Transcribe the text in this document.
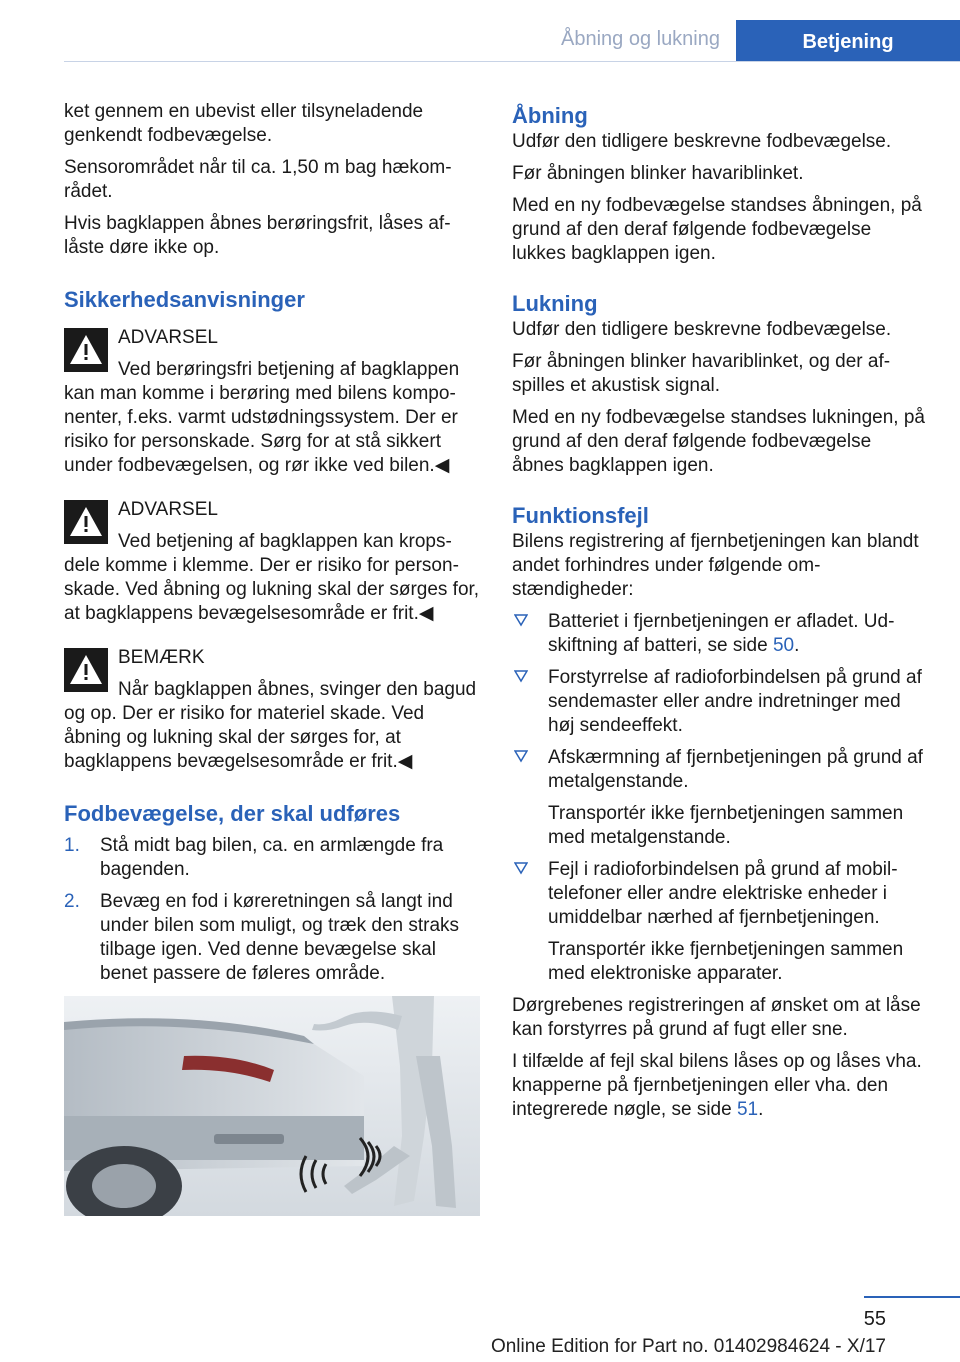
Åbning og lukning	Betjening

ket gennem en ubevist eller tilsyneladende genkendt fodbevægelse.

Sensorområdet når til ca. 1,50 m bag hækområdet.

Hvis bagklappen åbnes berøringsfrit, låses aflåste døre ikke op.

Sikkerhedsanvisninger
ADVARSEL

Ved berøringsfri betjening af bagklappen kan man komme i berøring med bilens komponenter, f.eks. varmt udstødningssystem. Der er risiko for personskade. Sørg for at stå sikkert under fodbevægelsen, og rør ikke ved bilen.◀

ADVARSEL

Ved betjening af bagklappen kan kropsdele komme i klemme. Der er risiko for personskade. Ved åbning og lukning skal der sørges for, at bagklappens bevægelsesområde er frit.◀

BEMÆRK

Når bagklappen åbnes, svinger den bagud og op. Der er risiko for materiel skade. Ved åbning og lukning skal der sørges for, at bagklappens bevægelsesområde er frit.◀

Fodbevægelse, der skal udføres
1. Stå midt bag bilen, ca. en armlængde fra bagenden.
2. Bevæg en fod i køreretningen så langt ind under bilen som muligt, og træk den straks tilbage igen. Ved denne bevægelse skal benet passere de føleres område.
Åbning

Udfør den tidligere beskrevne fodbevægelse.

Før åbningen blinker havariblinket.

Med en ny fodbevægelse standses åbningen, på grund af den deraf følgende fodbevægelse lukkes bagklappen igen.

Lukning

Udfør den tidligere beskrevne fodbevægelse.

Før åbningen blinker havariblinket, og der afspilles et akustisk signal.

Med en ny fodbevægelse standses lukningen, på grund af den deraf følgende fodbevægelse åbnes bagklappen igen.

Funktionsfejl

Bilens registrering af fjernbetjeningen kan blandt andet forhindres under følgende omstændigheder:

Batteriet i fjernbetjeningen er afladet. Udskiftning af batteri, se side 50.
Forstyrrelse af radioforbindelsen på grund af sendemaster eller andre indretninger med høj sendeeffekt.
Afskærmning af fjernbetjeningen på grund af metalgenstande.

Transportér ikke fjernbetjeningen sammen med metalgenstande.

Fejl i radioforbindelsen på grund af mobiltelefoner eller andre elektriske enheder i umiddelbar nærhed af fjernbetjeningen.

Transportér ikke fjernbetjeningen sammen med elektroniske apparater.

Dørgrebenes registreringen af ønsket om at låse kan forstyrres på grund af fugt eller sne.

I tilfælde af fejl skal bilens låses op og låses vha. knapperne på fjernbetjeningen eller vha. den integrerede nøgle, se side 51.

55
Online Edition for Part no. 01402984624 - X/17
